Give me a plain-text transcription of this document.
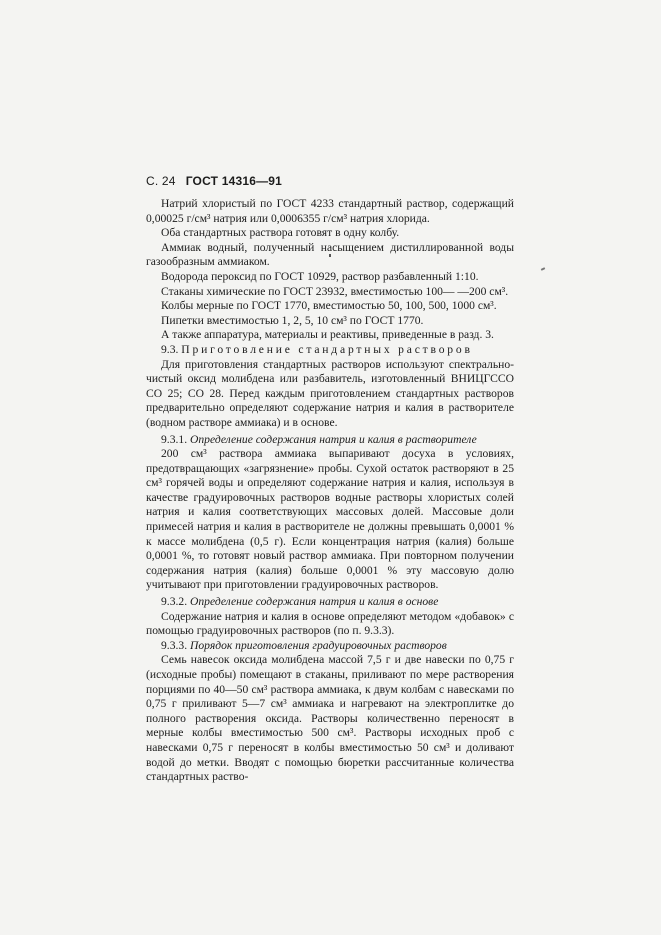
С. 24 ГОСТ 14316—91

Натрий хлористый по ГОСТ 4233 стандартный раствор, содержащий 0,00025 г/см³ натрия или 0,0006355 г/см³ натрия хлорида.

Оба стандартных раствора готовят в одну колбу.

Аммиак водный, полученный насыщением дистиллированной воды газообразным аммиаком.

Водорода пероксид по ГОСТ 10929, раствор разбавленный 1:10.

Стаканы химические по ГОСТ 23932, вместимостью 100— —200 см³.

Колбы мерные по ГОСТ 1770, вместимостью 50, 100, 500, 1000 см³.

Пипетки вместимостью 1, 2, 5, 10 см³ по ГОСТ 1770.

А также аппаратура, материалы и реактивы, приведенные в разд. 3.

9.3. Приготовление стандартных растворов

Для приготовления стандартных растворов используют спектрально-чистый оксид молибдена или разбавитель, изготовленный ВНИЦГССО СО 25; СО 28. Перед каждым приготовлением стандартных растворов предварительно определяют содержание натрия и калия в растворителе (водном растворе аммиака) и в основе.

9.3.1. Определение содержания натрия и калия в растворителе

200 см³ раствора аммиака выпаривают досуха в условиях, предотвращающих «загрязнение» пробы. Сухой остаток растворяют в 25 см³ горячей воды и определяют содержание натрия и калия, используя в качестве градуировочных растворов водные растворы хлористых солей натрия и калия соответствующих массовых долей. Массовые доли примесей натрия и калия в растворителе не должны превышать 0,0001 % к массе молибдена (0,5 г). Если концентрация натрия (калия) больше 0,0001 %, то готовят новый раствор аммиака. При повторном получении содержания натрия (калия) больше 0,0001 % эту массовую долю учитывают при приготовлении градуировочных растворов.

9.3.2. Определение содержания натрия и калия в основе

Содержание натрия и калия в основе определяют методом «добавок» с помощью градуировочных растворов (по п. 9.3.3).

9.3.3. Порядок приготовления градуировочных растворов

Семь навесок оксида молибдена массой 7,5 г и две навески по 0,75 г (исходные пробы) помещают в стаканы, приливают по мере растворения порциями по 40—50 см³ раствора аммиака, к двум колбам с навесками по 0,75 г приливают 5—7 см³ аммиака и нагревают на электроплитке до полного растворения оксида. Растворы количественно переносят в мерные колбы вместимостью 500 см³. Растворы исходных проб с навесками 0,75 г переносят в колбы вместимостью 50 см³ и доливают водой до метки. Вводят с помощью бюретки рассчитанные количества стандартных раство-
